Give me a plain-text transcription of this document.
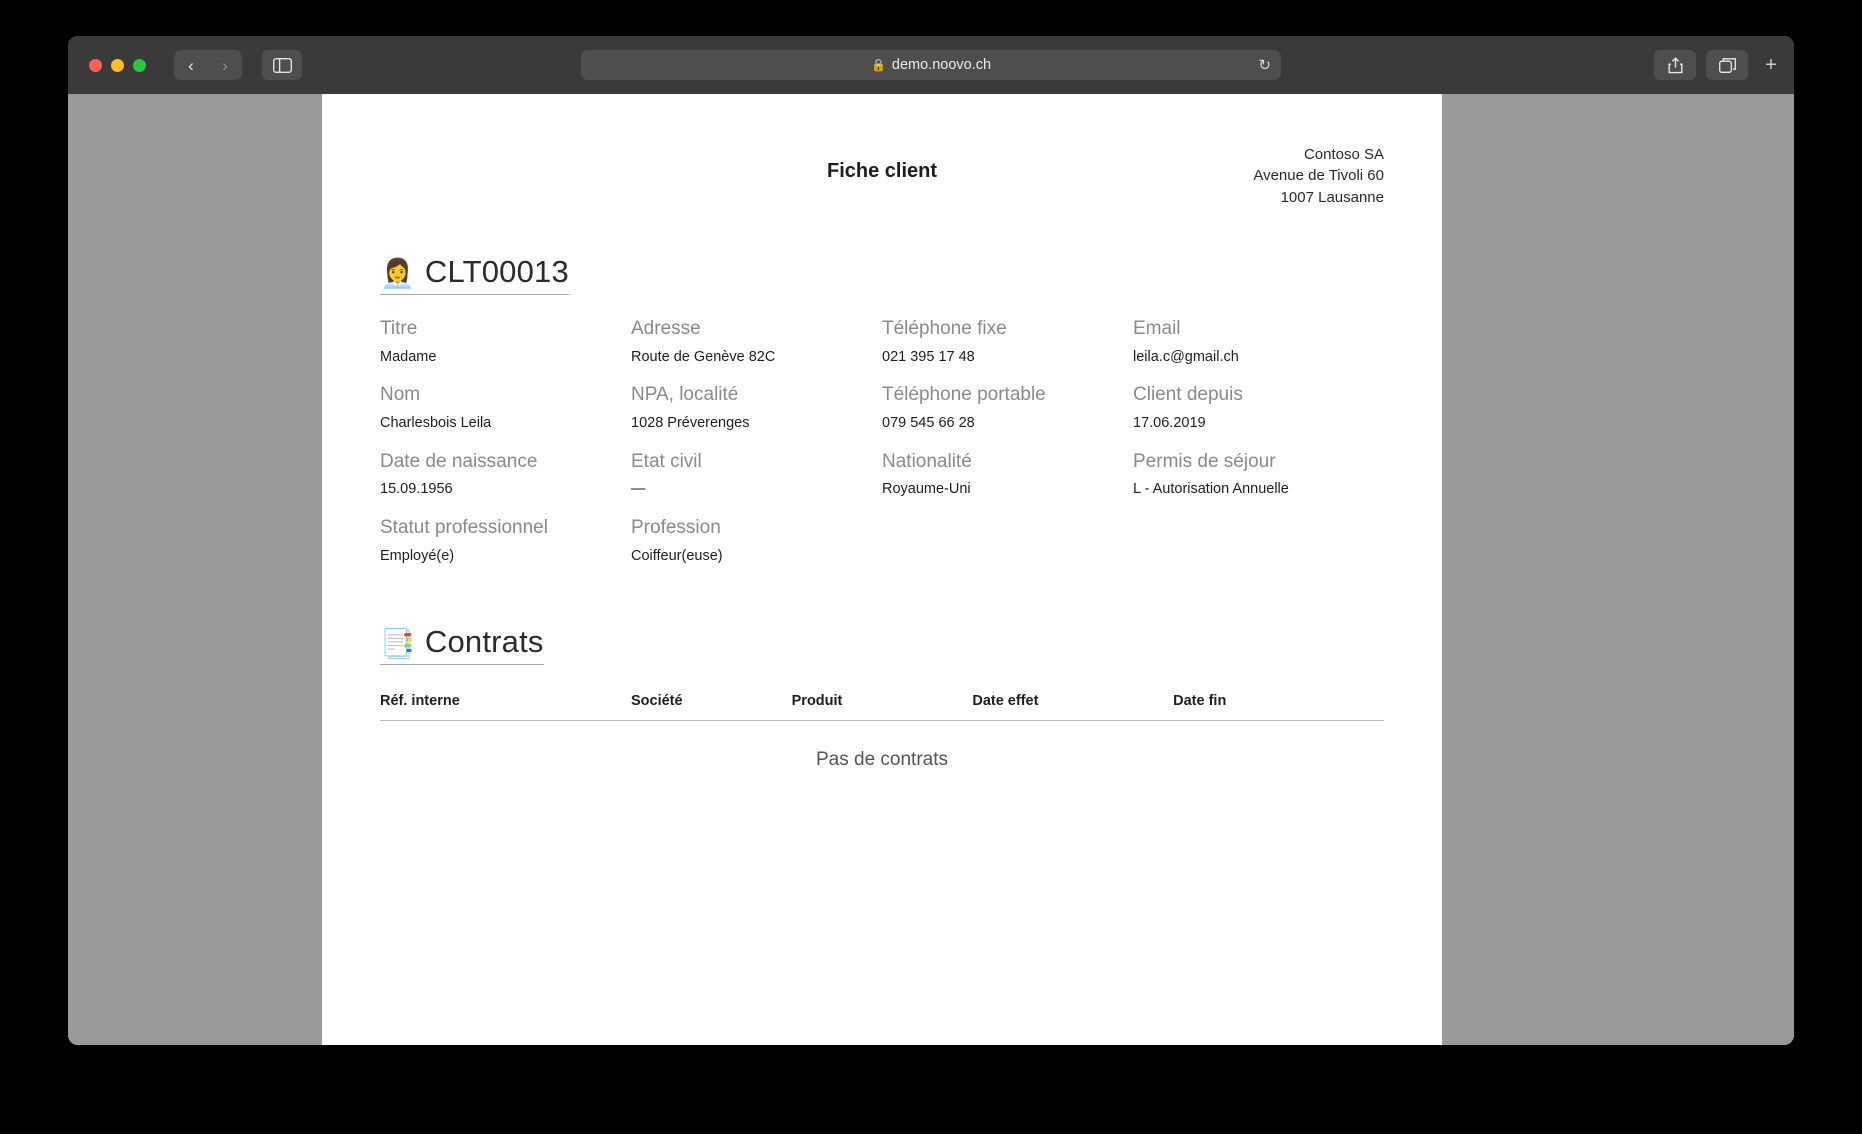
‹	›	🔒 demo.noovo.ch	↻	+
Fiche client
Contoso SA
Avenue de Tivoli 60
1007 Lausanne
👩‍💼 CLT00013
Titre
Madame
Adresse
Route de Genève 82C
Téléphone fixe
021 395 17 48
Email
leila.c@gmail.ch
Nom
Charlesbois Leila
NPA, localité
1028 Préverenges
Téléphone portable
079 545 66 28
Client depuis
17.06.2019
Date de naissance
15.09.1956
Etat civil
—
Nationalité
Royaume-Uni
Permis de séjour
L - Autorisation Annuelle
Statut professionnel
Employé(e)
Profession
Coiffeur(euse)
📑 Contrats
Réf. interne	Société	Produit	Date effet	Date fin
Pas de contrats
